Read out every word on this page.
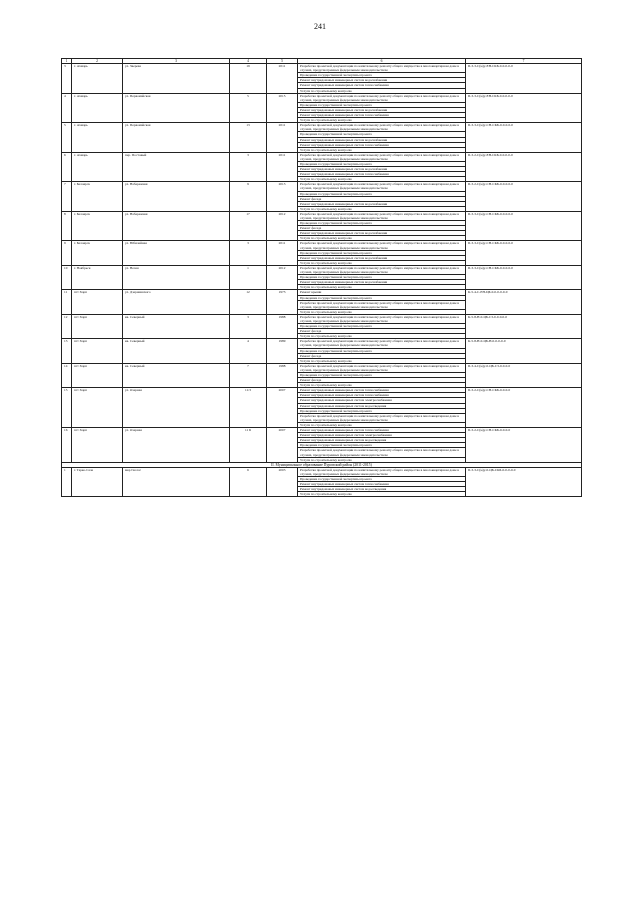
241
1	2	3	4	5	6	7
3	г. Ахмарь	ул. Зверева	19	2011	Разработка проектной документации по капитальному ремонту общего имущества в многоквартирном доме в случаях, предусмотренных федеральным законодательством	II-3-3-C(м)у-ЕН-СКБ-0-0-0-0-0
					Проведение государственной экспертизы проекта	
					Ремонт внутридомовых инженерных систем водоснабжения	
					Ремонт внутридомовых инженерных систем теплоснабжения	
					Услуги по строительному контролю	
4	г. Ахмарь	ул. Первомайская	5	2015	Разработка проектной документации по капитальному ремонту общего имущества в многоквартирном доме в случаях, предусмотренных федеральным законодательством	II-3-3-C(м)у-ЕН-СКБ-0-0-0-0-0
					Проведение государственной экспертизы проекта	
					Ремонт внутридомовых инженерных систем водоснабжения	
					Ремонт внутридомовых инженерных систем теплоснабжения	
					Услуги по строительному контролю	
5	г. Ахмарь	ул. Первомайская	13	2011	Разработка проектной документации по капитальному ремонту общего имущества в многоквартирном доме в случаях, предусмотренных федеральным законодательством	II-3-3-C(м)у-СН-СКБ-0-0-0-0-0
					Проведение государственной экспертизы проекта	
					Ремонт внутридомовых инженерных систем водоснабжения	
					Ремонт внутридомовых инженерных систем теплоснабжения	
					Услуги по строительному контролю	
6	г. Ахмарь	пер. Постовый	3	2011	Разработка проектной документации по капитальному ремонту общего имущества в многоквартирном доме в случаях, предусмотренных федеральным законодательством	II-3-2-C(м)у-ЕН-СКБ-0-0-0-0-0
					Проведение государственной экспертизы проекта	
					Ремонт внутридомовых инженерных систем водоснабжения	
					Ремонт внутридомовых инженерных систем теплоснабжения	
					Услуги по строительному контролю	
7	г. Белоярск	ул. Набережная	9	2013	Разработка проектной документации по капитальному ремонту общего имущества в многоквартирном доме в случаях, предусмотренных федеральным законодательством	II-3-2-C(м)у-СН-СКБ-0-0-0-0-0
					Проведение государственной экспертизы проекта	
					Ремонт фасада	
					Ремонт внутридомовых инженерных систем водоснабжения	
					Услуги по строительному контролю	
8	г. Белоярск	ул. Набережная	17	2012	Разработка проектной документации по капитальному ремонту общего имущества в многоквартирном доме в случаях, предусмотренных федеральным законодательством	II-3-3-C(м)у-СН-СКБ-0-0-0-0-0
					Проведение государственной экспертизы проекта	
					Ремонт фасада	
					Ремонт внутридомовых инженерных систем водоснабжения	
					Услуги по строительному контролю	
9	г. Белоярск	ул. Юбилейная	3	2011	Разработка проектной документации по капитальному ремонту общего имущества в многоквартирном доме в случаях, предусмотренных федеральным законодательством	II-3-3-C(м)у-СН-СКБ-0-0-0-0-0
					Проведение государственной экспертизы проекта	
					Ремонт внутридомовых инженерных систем водоснабжения	
					Услуги по строительному контролю	
10	г. Ноябрьск	ул. Нечая	1	2012	Разработка проектной документации по капитальному ремонту общего имущества в многоквартирном доме в случаях, предусмотренных федеральным законодательством	II-3-3-C(м)у-СН-СКБ-0-0-0-0-0
					Проведение государственной экспертизы проекта	
					Ремонт внутридомовых инженерных систем водоснабжения	
					Услуги по строительному контролю	
11	пгт Харп	ул. Дзержинского	12	1973	Ремонт крыши	К-5-4-С-ЕН-ЦБ-0-0-0-0-0-0
					Проведение государственной экспертизы проекта	
					Разработка проектной документации по капитальному ремонту общего имущества в многоквартирном доме в случаях, предусмотренных федеральным законодательством	
					Услуги по строительному контролю	
12	пгт Харп	кв. Северный	3	1988	Разработка проектной документации по капитальному ремонту общего имущества в многоквартирном доме в случаях, предусмотренных федеральным законодательством	К-5-8-Н-0-ЦБ-С3-0-0-0-0-0
					Проведение государственной экспертизы проекта	
					Ремонт фасада	
					Услуги по строительному контролю	
13	пгт Харп	кв. Северный	4	1989	Разработка проектной документации по капитальному ремонту общего имущества в многоквартирном доме в случаях, предусмотренных федеральным законодательством	К-5-8-Н-0-ЦБ-Н-0-0-0-0-0
					Проведение государственной экспертизы проекта	
					Ремонт фасада	
					Услуги по строительному контролю	
14	пгт Харп	кв. Северный	7	1988	Разработка проектной документации по капитальному ремонту общего имущества в многоквартирном доме в случаях, предусмотренных федеральным законодательством	II-3-4-С(м)у-0-ЦБ-СЗ-0-0-0-0
					Проведение государственной экспертизы проекта	
					Ремонт фасада	
					Услуги по строительному контролю	
15	пгт Харп	ул. Озерная	11/3	2007	Ремонт внутридомовых инженерных систем теплоснабжения	II-3-2-С(м)у-СН-СКБ-0-0-0-0
					Ремонт внутридомовых инженерных систем теплоснабжения	
					Ремонт внутридомовых инженерных систем электроснабжения	
					Ремонт внутридомовых инженерных систем водоотведения	
					Проведение государственной экспертизы проекта	
					Разработка проектной документации по капитальному ремонту общего имущества в многоквартирном доме в случаях, предусмотренных федеральным законодательством	
					Услуги по строительному контролю	
16	пгт Харп	ул. Озерная	11 Б	2007	Ремонт внутридомовых инженерных систем теплоснабжения	II-3-2-С(м)у-СН-СКБ-0-0-0-0
					Ремонт внутридомовых инженерных систем электроснабжения	
					Ремонт внутридомовых инженерных систем водоотведения	
					Проведение государственной экспертизы проекта	
					Разработка проектной документации по капитальному ремонту общего имущества в многоквартирном доме в случаях, предусмотренных федеральным законодательством	
					Услуги по строительному контролю	
II. Муниципальное образование Пуровский район (2011-2015)						
1	г. Тарко-Сале	мкр Геолог	6	2003	Разработка проектной документации по капитальному ремонту общего имущества в многоквартирном доме в случаях, предусмотренных федеральным законодательством	II-3-3-С(м)у-0-ЦБ-СКБ-0-0-0-0-0
					Проведение государственной экспертизы проекта	
					Ремонт внутридомовых инженерных систем теплоснабжения	
					Ремонт внутридомовых инженерных систем водоотведения	
					Услуги по строительному контролю	
